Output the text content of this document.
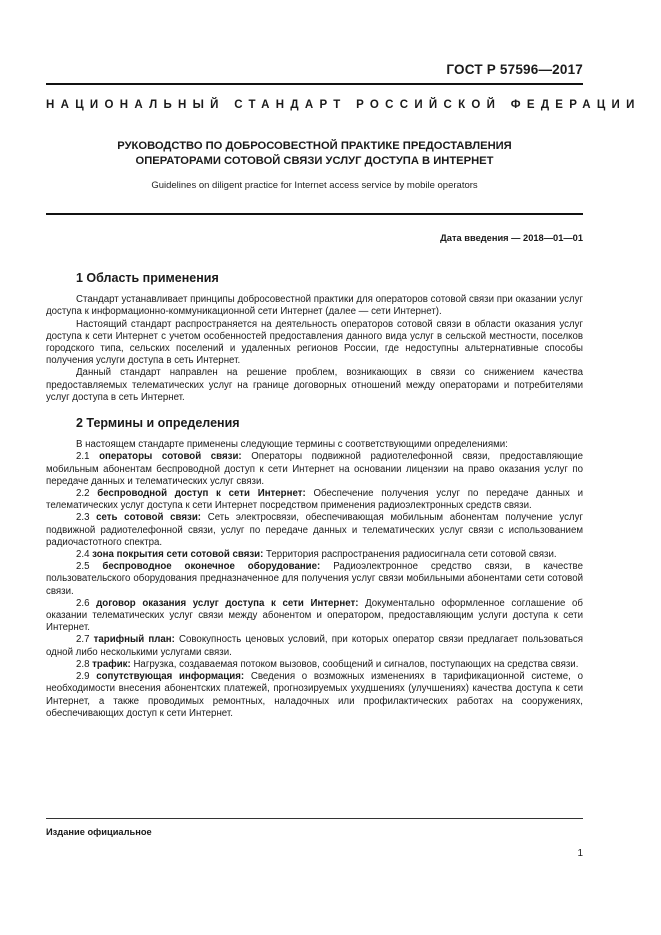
ГОСТ Р 57596—2017
НАЦИОНАЛЬНЫЙ СТАНДАРТ РОССИЙСКОЙ ФЕДЕРАЦИИ
РУКОВОДСТВО ПО ДОБРОСОВЕСТНОЙ ПРАКТИКЕ ПРЕДОСТАВЛЕНИЯ
ОПЕРАТОРАМИ СОТОВОЙ СВЯЗИ УСЛУГ ДОСТУПА В ИНТЕРНЕТ
Guidelines on diligent practice for Internet access service by mobile operators
Дата введения — 2018—01—01
1 Область применения

Стандарт устанавливает принципы добросовестной практики для операторов сотовой связи при оказании услуг доступа к информационно-коммуникационной сети Интернет (далее — сети Интернет).

Настоящий стандарт распространяется на деятельность операторов сотовой связи в области оказания услуг доступа к сети Интернет с учетом особенностей предоставления данного вида услуг в сельской местности, поселков городского типа, сельских поселений и удаленных регионов России, где недоступны альтернативные способы получения услуги доступа в сеть Интернет.

Данный стандарт направлен на решение проблем, возникающих в связи со снижением качества предоставляемых телематических услуг на границе договорных отношений между операторами и потребителями услуг доступа в сеть Интернет.

2 Термины и определения

В настоящем стандарте применены следующие термины с соответствующими определениями:

2.1 операторы сотовой связи: Операторы подвижной радиотелефонной связи, предоставляющие мобильным абонентам беспроводной доступ к сети Интернет на основании лицензии на право оказания услуг по передаче данных и телематических услуг связи.

2.2 беспроводной доступ к сети Интернет: Обеспечение получения услуг по передаче данных и телематических услуг доступа к сети Интернет посредством применения радиоэлектронных средств связи.

2.3 сеть сотовой связи: Сеть электросвязи, обеспечивающая мобильным абонентам получение услуг подвижной радиотелефонной связи, услуг по передаче данных и телематических услуг связи с использованием радиочастотного спектра.

2.4 зона покрытия сети сотовой связи: Территория распространения радиосигнала сети сотовой связи.

2.5 беспроводное оконечное оборудование: Радиоэлектронное средство связи, в качестве пользовательского оборудования предназначенное для получения услуг связи мобильными абонентами сети сотовой связи.

2.6 договор оказания услуг доступа к сети Интернет: Документально оформленное соглашение об оказании телематических услуг связи между абонентом и оператором, предоставляющим услуги доступа к сети Интернет.

2.7 тарифный план: Совокупность ценовых условий, при которых оператор связи предлагает пользоваться одной либо несколькими услугами связи.

2.8 трафик: Нагрузка, создаваемая потоком вызовов, сообщений и сигналов, поступающих на средства связи.

2.9 сопутствующая информация: Сведения о возможных изменениях в тарификационной системе, о необходимости внесения абонентских платежей, прогнозируемых ухудшениях (улучшениях) качества доступа к сети Интернет, а также проводимых ремонтных, наладочных или профилактических работах на сооружениях, обеспечивающих доступ к сети Интернет.

Издание официальное
1
